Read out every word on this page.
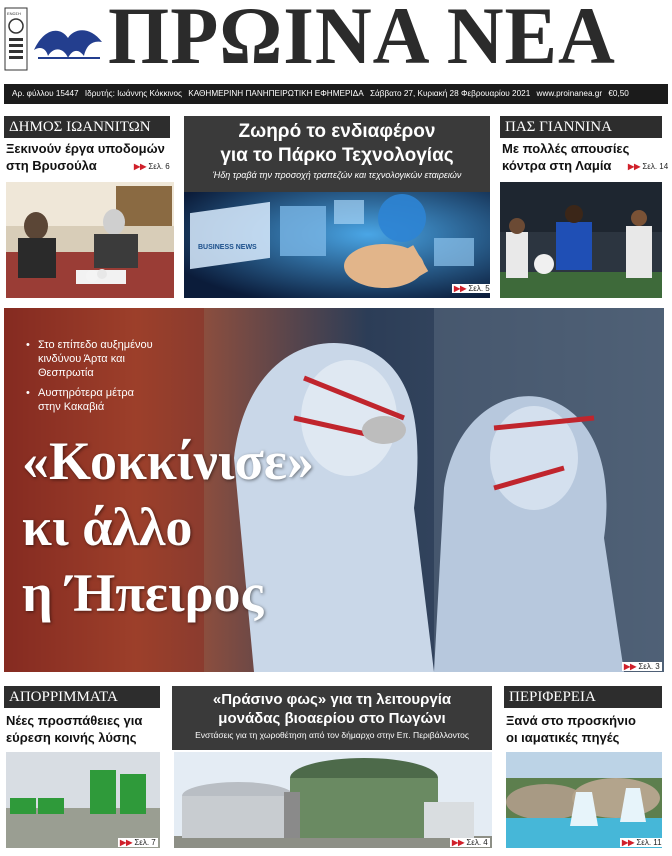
ΕΝΩΣΗ ΠΡΩΙΝΑ ΝΕΑ
Αρ. φύλλου 15447 Ιδρυτής: Ιωάννης Κόκκινος ΚΑΘΗΜΕΡΙΝΗ ΠΑΝΗΠΕΙΡΩΤΙΚΗ ΕΦΗΜΕΡΙΔΑ Σάββατο 27, Κυριακή 28 Φεβρουαρίου 2021 www.proinanea.gr €0,50
ΔΗΜΟΣ ΙΩΑΝΝΙΤΩΝ
Ξεκινούν έργα υποδομών
στη Βρυσούλα	▶▶ Σελ. 6
Ζωηρό το ενδιαφέρον
για το Πάρκο Τεχνολογίας
Ήδη τραβά την προσοχή τραπεζών και τεχνολογικών εταιρειών
BUSINESS NEWS
▶▶ Σελ. 5
ΠΑΣ ΓΙΑΝΝΙΝΑ
Με πολλές απουσίες
κόντρα στη Λαμία	▶▶ Σελ. 14
• Στο επίπεδο αυξημένου κινδύνου Άρτα και Θεσπρωτία
• Αυστηρότερα μέτρα στην Κακαβιά
«Κοκκίνισε»
κι άλλο
η Ήπειρος
▶▶ Σελ. 3
ΑΠΟΡΡΙΜΜΑΤΑ
Νέες προσπάθειες για
εύρεση κοινής λύσης
▶▶ Σελ. 7
«Πράσινο φως» για τη λειτουργία
μονάδας βιοαερίου στο Πωγώνι
Ενστάσεις για τη χωροθέτηση από τον δήμαρχο στην Επ. Περιβάλλοντος
▶▶ Σελ. 4
ΠΕΡΙΦΕΡΕΙΑ
Ξανά στο προσκήνιο
οι ιαματικές πηγές
▶▶ Σελ. 11
